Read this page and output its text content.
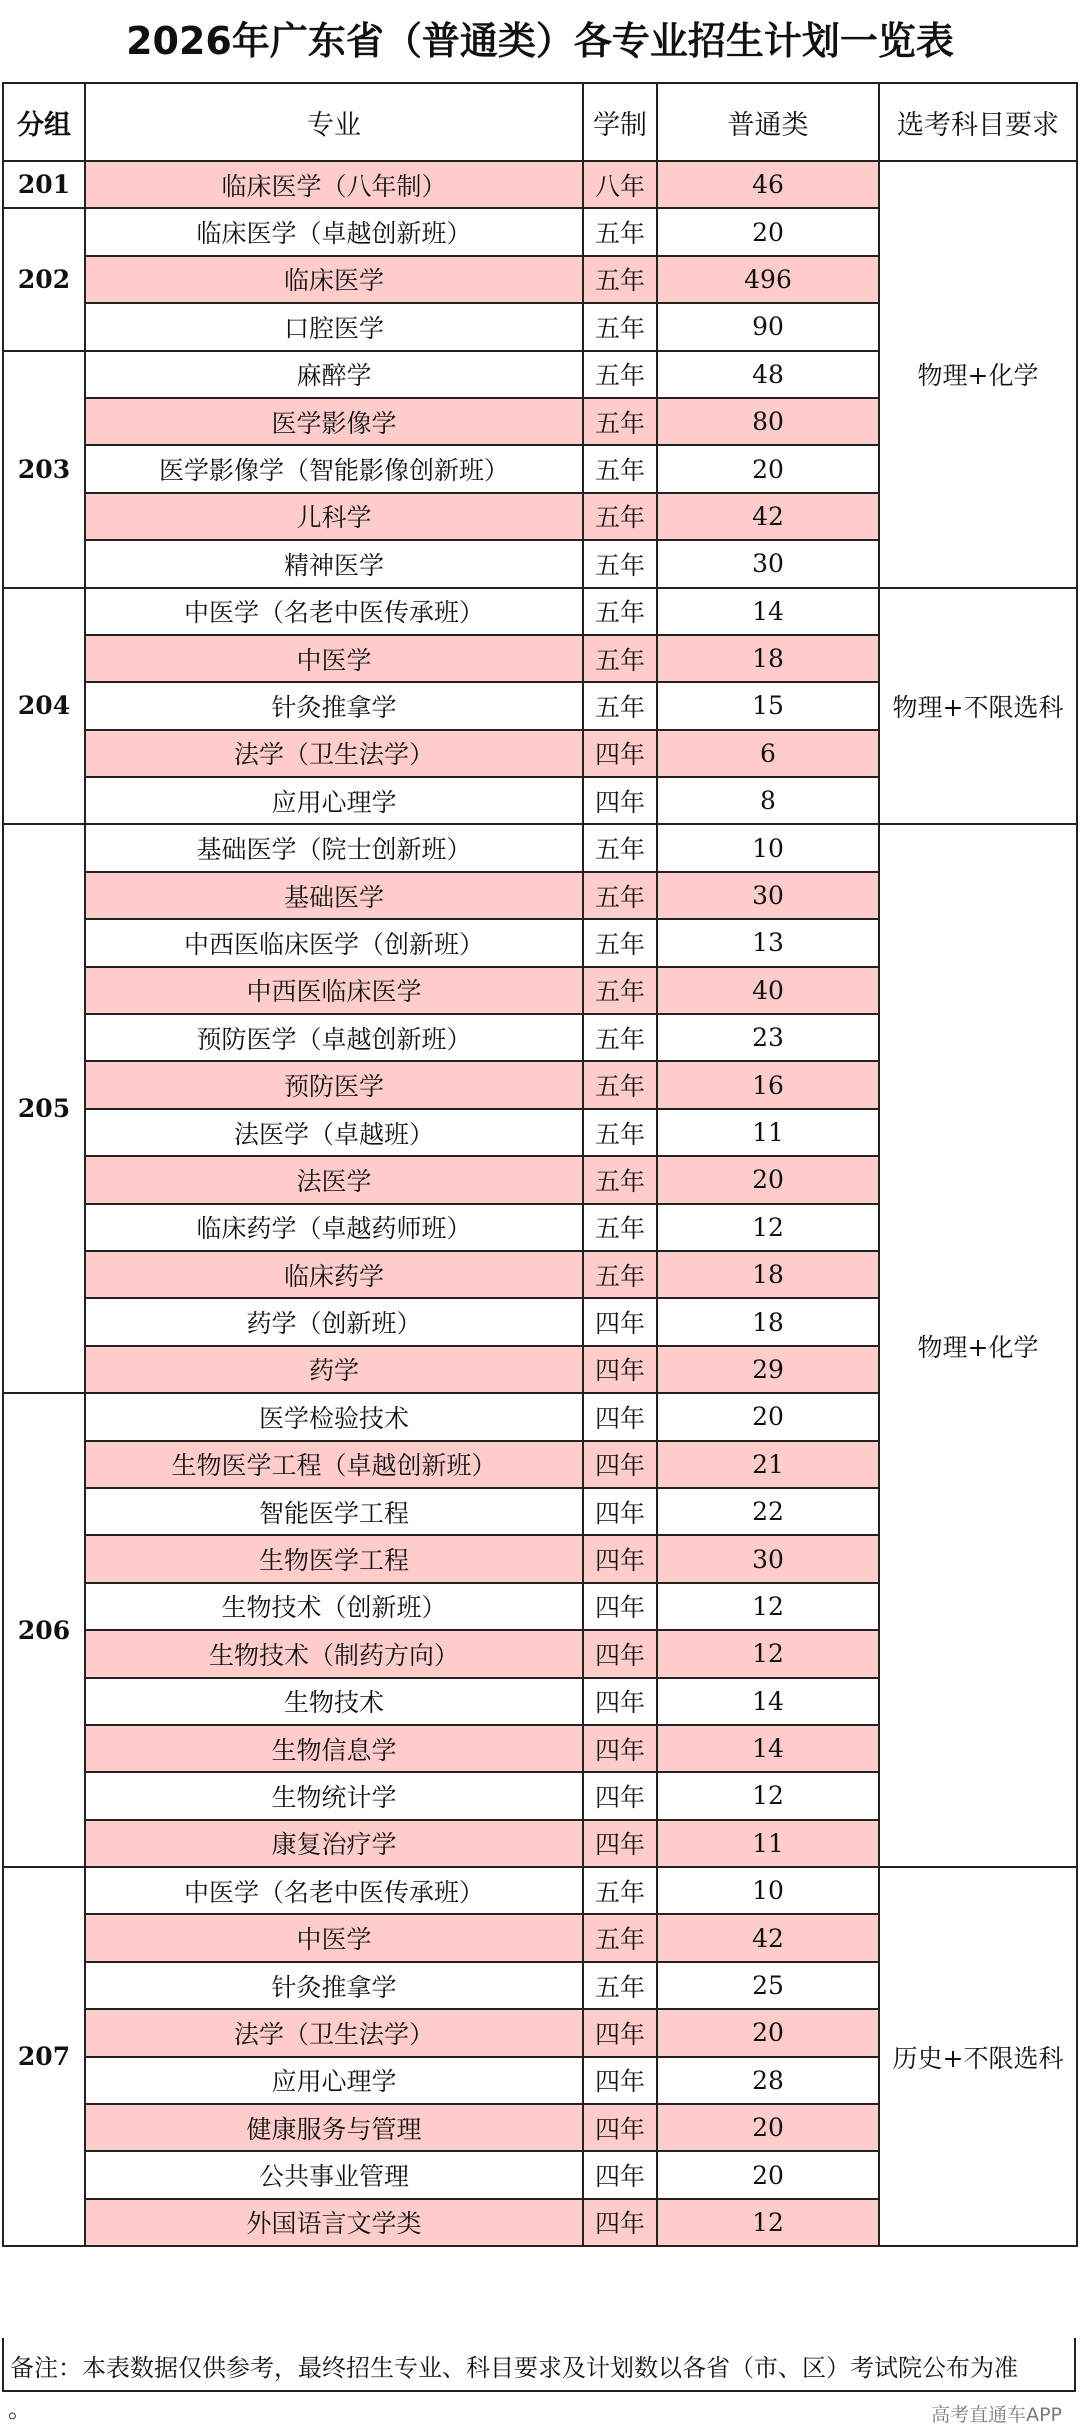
2026年广东省（普通类）各专业招生计划一览表
分组	专业	学制	普通类	选考科目要求
201	临床医学（八年制）	八年	46	物理+化学
202	临床医学（卓越创新班）	五年	20	
	临床医学	五年	496	
	口腔医学	五年	90	
203	麻醉学	五年	48	
	医学影像学	五年	80	
	医学影像学（智能影像创新班）	五年	20	
	儿科学	五年	42	
	精神医学	五年	30	
204	中医学（名老中医传承班）	五年	14	物理+不限选科
	中医学	五年	18	
	针灸推拿学	五年	15	
	法学（卫生法学）	四年	6	
	应用心理学	四年	8	
205	基础医学（院士创新班）	五年	10	物理+化学
	基础医学	五年	30	
	中西医临床医学（创新班）	五年	13	
	中西医临床医学	五年	40	
	预防医学（卓越创新班）	五年	23	
	预防医学	五年	16	
	法医学（卓越班）	五年	11	
	法医学	五年	20	
	临床药学（卓越药师班）	五年	12	
	临床药学	五年	18	
	药学（创新班）	四年	18	
	药学	四年	29	
206	医学检验技术	四年	20	
	生物医学工程（卓越创新班）	四年	21	
	智能医学工程	四年	22	
	生物医学工程	四年	30	
	生物技术（创新班）	四年	12	
	生物技术（制药方向）	四年	12	
	生物技术	四年	14	
	生物信息学	四年	14	
	生物统计学	四年	12	
	康复治疗学	四年	11	
207	中医学（名老中医传承班）	五年	10	历史+不限选科
	中医学	五年	42	
	针灸推拿学	五年	25	
	法学（卫生法学）	四年	20	
	应用心理学	四年	28	
	健康服务与管理	四年	20	
	公共事业管理	四年	20	
	外国语言文学类	四年	12	
备注：本表数据仅供参考，最终招生专业、科目要求及计划数以各省（市、区）考试院公布为准
。	高考直通车APP
